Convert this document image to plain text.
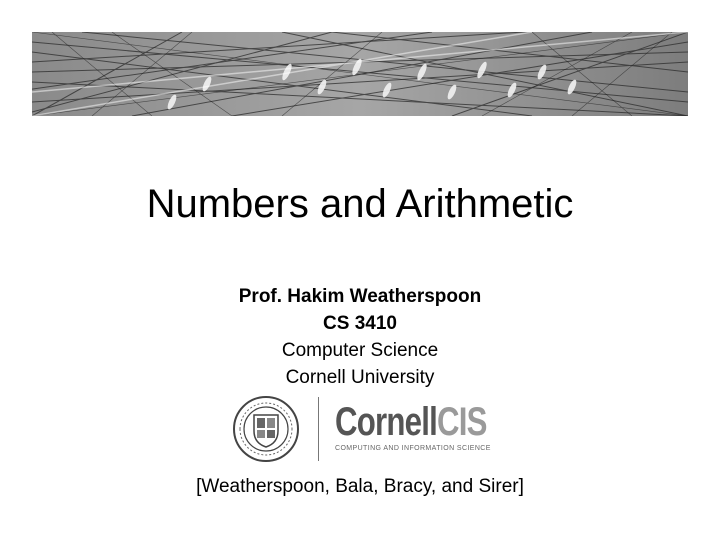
Numbers and Arithmetic
Prof. Hakim Weatherspoon
CS 3410
Computer Science
Cornell University
CornellCIS
COMPUTING AND INFORMATION SCIENCE
[Weatherspoon, Bala, Bracy, and Sirer]
